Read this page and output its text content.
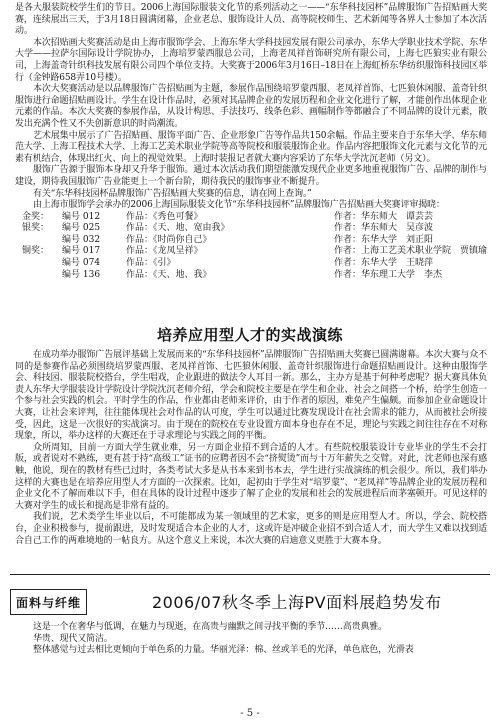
是各大服装院校学生们的节日。2006上海国际服装文化节的系列活动之一——“东华科技园杯”品牌服饰广告招贴画大奖赛，连续展出三天，于3月18日圆满闭幕，企业老总、服饰设计人员、高等院校师生、艺术新闻等各界人士参加了本次活动。

本次招贴画大奖赛活动是由上海市服饰学会、上海东华大学科技园发展有限公司承办，东华大学职业技术学院、东华大学——拉萨尔国际设计学院协办，上海培罗蒙西服总公司，上海老凤祥首饰研究所有限公司，上海七匹狼实业有限公司，上海盖奇针织科技发展有限公司四个单位支持。大奖赛于2006年3月16日–18日在上海虹桥东华纺织服饰科技园区举行（金钟路658弄10号楼）。

本次大奖赛活动是以品牌服饰广告招贴画为主题，参展作品围绕培罗蒙西服、老凤祥首饰、七匹狼休闲服、盖奇针织服饰进行命题招贴画设计。学生在设计作品时，必须对其品牌企业的发展历程和企业文化进行了解，才能创作出体现企业元素的作品。本次大奖赛的参展作品，从设计构思、手法技巧、线条色彩、画幅制作等都融合了不同品牌的设计元素，散发出充满个性又不失创新意识的时尚潮流。

艺术展集中展示了广告招贴画、服饰平面广告、企业形象广告等作品共150余幅。作品主要来自于东华大学、华东师范大学、上海工程技术大学、上海工艺美术职业学院等高等院校和服装服饰企业。作品内容把服饰文化元素与文化节的元素有机结合，体现出红火、向上的视觉效果。上海时装报记者就大赛内容采访了东华大学沈沉老师（另文）。

服饰广告源于服饰本身却又升华于服饰。通过本次活动我们期望能激发现代企业更多地重视服饰广告、品牌的制作与建设，期待我国服饰广告业能更上一个新台阶，期待我民的服饰事业不断提升。

有关“东华科技园杯品牌服饰广告招贴画大奖赛的信息，请在网上查询。”

由上海市服饰学会承办的2006上海国际服装文化节“东华科技园杯”品牌服饰广告招贴画大奖赛评审揭晓：

金奖：	编号 012	作品：《秀色可餐》	作者：华东师大　谭芸芸
银奖：	编号 025	作品：《天、地、宽由我》	作者：华东师大　吴彦波
编号 032	作品：《时尚你自己》	作者：东华大学　刘正阳
铜奖：	编号 017	作品：《龙凤呈祥》	作者：上海工艺美术职业学院　贾镇瑜
编号 074	作品：《引》	作者：东华大学　王晓萍
编号 136	作品：《天、地、我》	作者：华东理工大学　李杰
培养应用型人才的实战演练

在成功举办服饰广告展评基础上发展而来的“东华科技园杯”品牌服饰广告招贴画大奖赛已圆满谢幕。本次大赛与众不同的是参赛作品必须围绕培罗蒙西服、老凤祥首饰、七匹狼休闲服、盖奇针织服饰进行命题招贴画设计。这种由服饰学会、科技园、服装院校搭台，学生唱戏，企业跟进的做法令人耳目一新。那么，主办方是基于何种考虑呢？据大赛具体负责人东华大学服装设计学院设计学院沈沉老师介绍，学会和院校主要是在学生和企业、社会之间搭一个桥，给学生创造一个参与社会实践的机会。平时学生的作品，作业都由老师来评价，由于作者的原因，难免产生偏颇。而参加企业命题设计大赛，让社会来评判，往往能体现社会对作品的认可度，学生可以通过比赛发现设计在社会需求的能力，从而被社会所接受，因此，这是一次很好的实战演习。由于现在的院校在专业设置方面本身也存在不足，理论与实践之间往往存在不对称现象，所以，举办这样的大赛还在于寻求理论与实践之间的平衡。

众所周知，目前一方面大学生就业难，另一方面企业招不到合适的人才。有些院校服装设计专业毕业的学生不会打版，或者说对不熟练，更有甚于持“高级工”证书的应聘者因不会“挤熨烫”而与十万年薪失之交臂。对此，沈老师也深有感触，他说，现在的教材有些已过时，各类考试大多是从书本来到书本去，学生进行实战演练的机会很少。所以，我们举办这样的大赛也是在培养应用型人才方面的一次探索。比如，起初由于学生对“培罗蒙”、“老凤祥”等品牌企业的发展历程和企业文化不了解而难以下手，但在具体的设计过程中逐步了解了企业的发展和社会的发展进程后而茅塞顿开。可见这样的大赛对学生的成长和提高是非常有益的。

我们说，艺术类学生毕业以后，不可能都成为某一领域里的艺术家，更多的则是应用型人才。所以，学会、院校搭台，企业积极参与，提前跟进，及时发现适合本企业的人才，这或许是冲破企业招不到合适人才，而大学生又难以找到适合自己工作的两难境地的一帖良方。从这个意义上来说，本次大赛的启迪意义更胜于大赛本身。

面料与纤维	2006/07秋冬季上海PV面料展趋势发布

这是一个在奢华与低调，在魅力与现逝，在高贵与幽默之间寻找平衡的季节……高贵典雅。

华贵、现代又简洁。

整体感觉与过去相比更倾向于单色系的力量。华丽光泽：棉、丝或羊毛的光泽，单色底色，光滑表

- 5 -
